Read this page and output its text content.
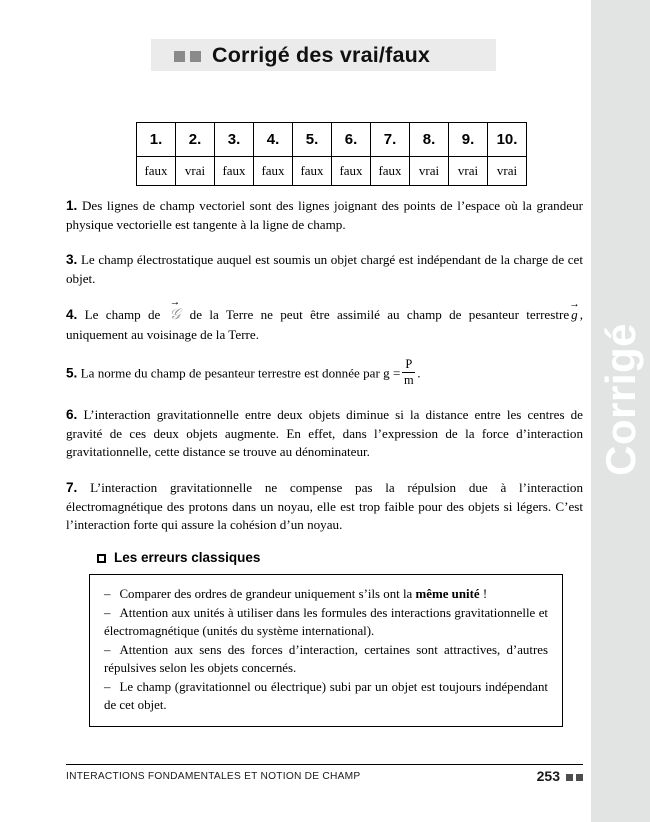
Corrigé
Corrigé des vrai/faux
1.	2.	3.	4.	5.	6.	7.	8.	9.	10.
faux	vrai	faux	faux	faux	faux	faux	vrai	vrai	vrai

1. Des lignes de champ vectoriel sont des lignes joignant des points de l’espace où la grandeur physique vectorielle est tangente à la ligne de champ.

3. Le champ électrostatique auquel est soumis un objet chargé est indépendant de la charge de cet objet.

4. Le champ de
→
𝒢 de la Terre ne peut être assimilé au champ de pesanteur terrestre
→
g , uniquement au voisinage de la Terre.

5. La norme du champ de pesanteur terrestre est donnée par $g = \frac{P}{m}$ .

6. L’interaction gravitationnelle entre deux objets diminue si la distance entre les centres de gravité de ces deux objets augmente. En effet, dans l’expression de la force d’interaction gravitationnelle, cette distance se trouve au dénominateur.

7. L’interaction gravitationnelle ne compense pas la répulsion due à l’interaction électromagnétique des protons dans un noyau, elle est trop faible pour des objets si légers. C’est l’interaction forte qui assure la cohésion d’un noyau.

Les erreurs classiques

– Comparer des ordres de grandeur uniquement s’ils ont la même unité !

– Attention aux unités à utiliser dans les formules des interactions gravitationnelle et électromagnétique (unités du système international).

– Attention aux sens des forces d’interaction, certaines sont attractives, d’autres répulsives selon les objets concernés.

– Le champ (gravitationnel ou électrique) subi par un objet est toujours indépendant de cet objet.

INTERACTIONS FONDAMENTALES ET NOTION DE CHAMP	253
